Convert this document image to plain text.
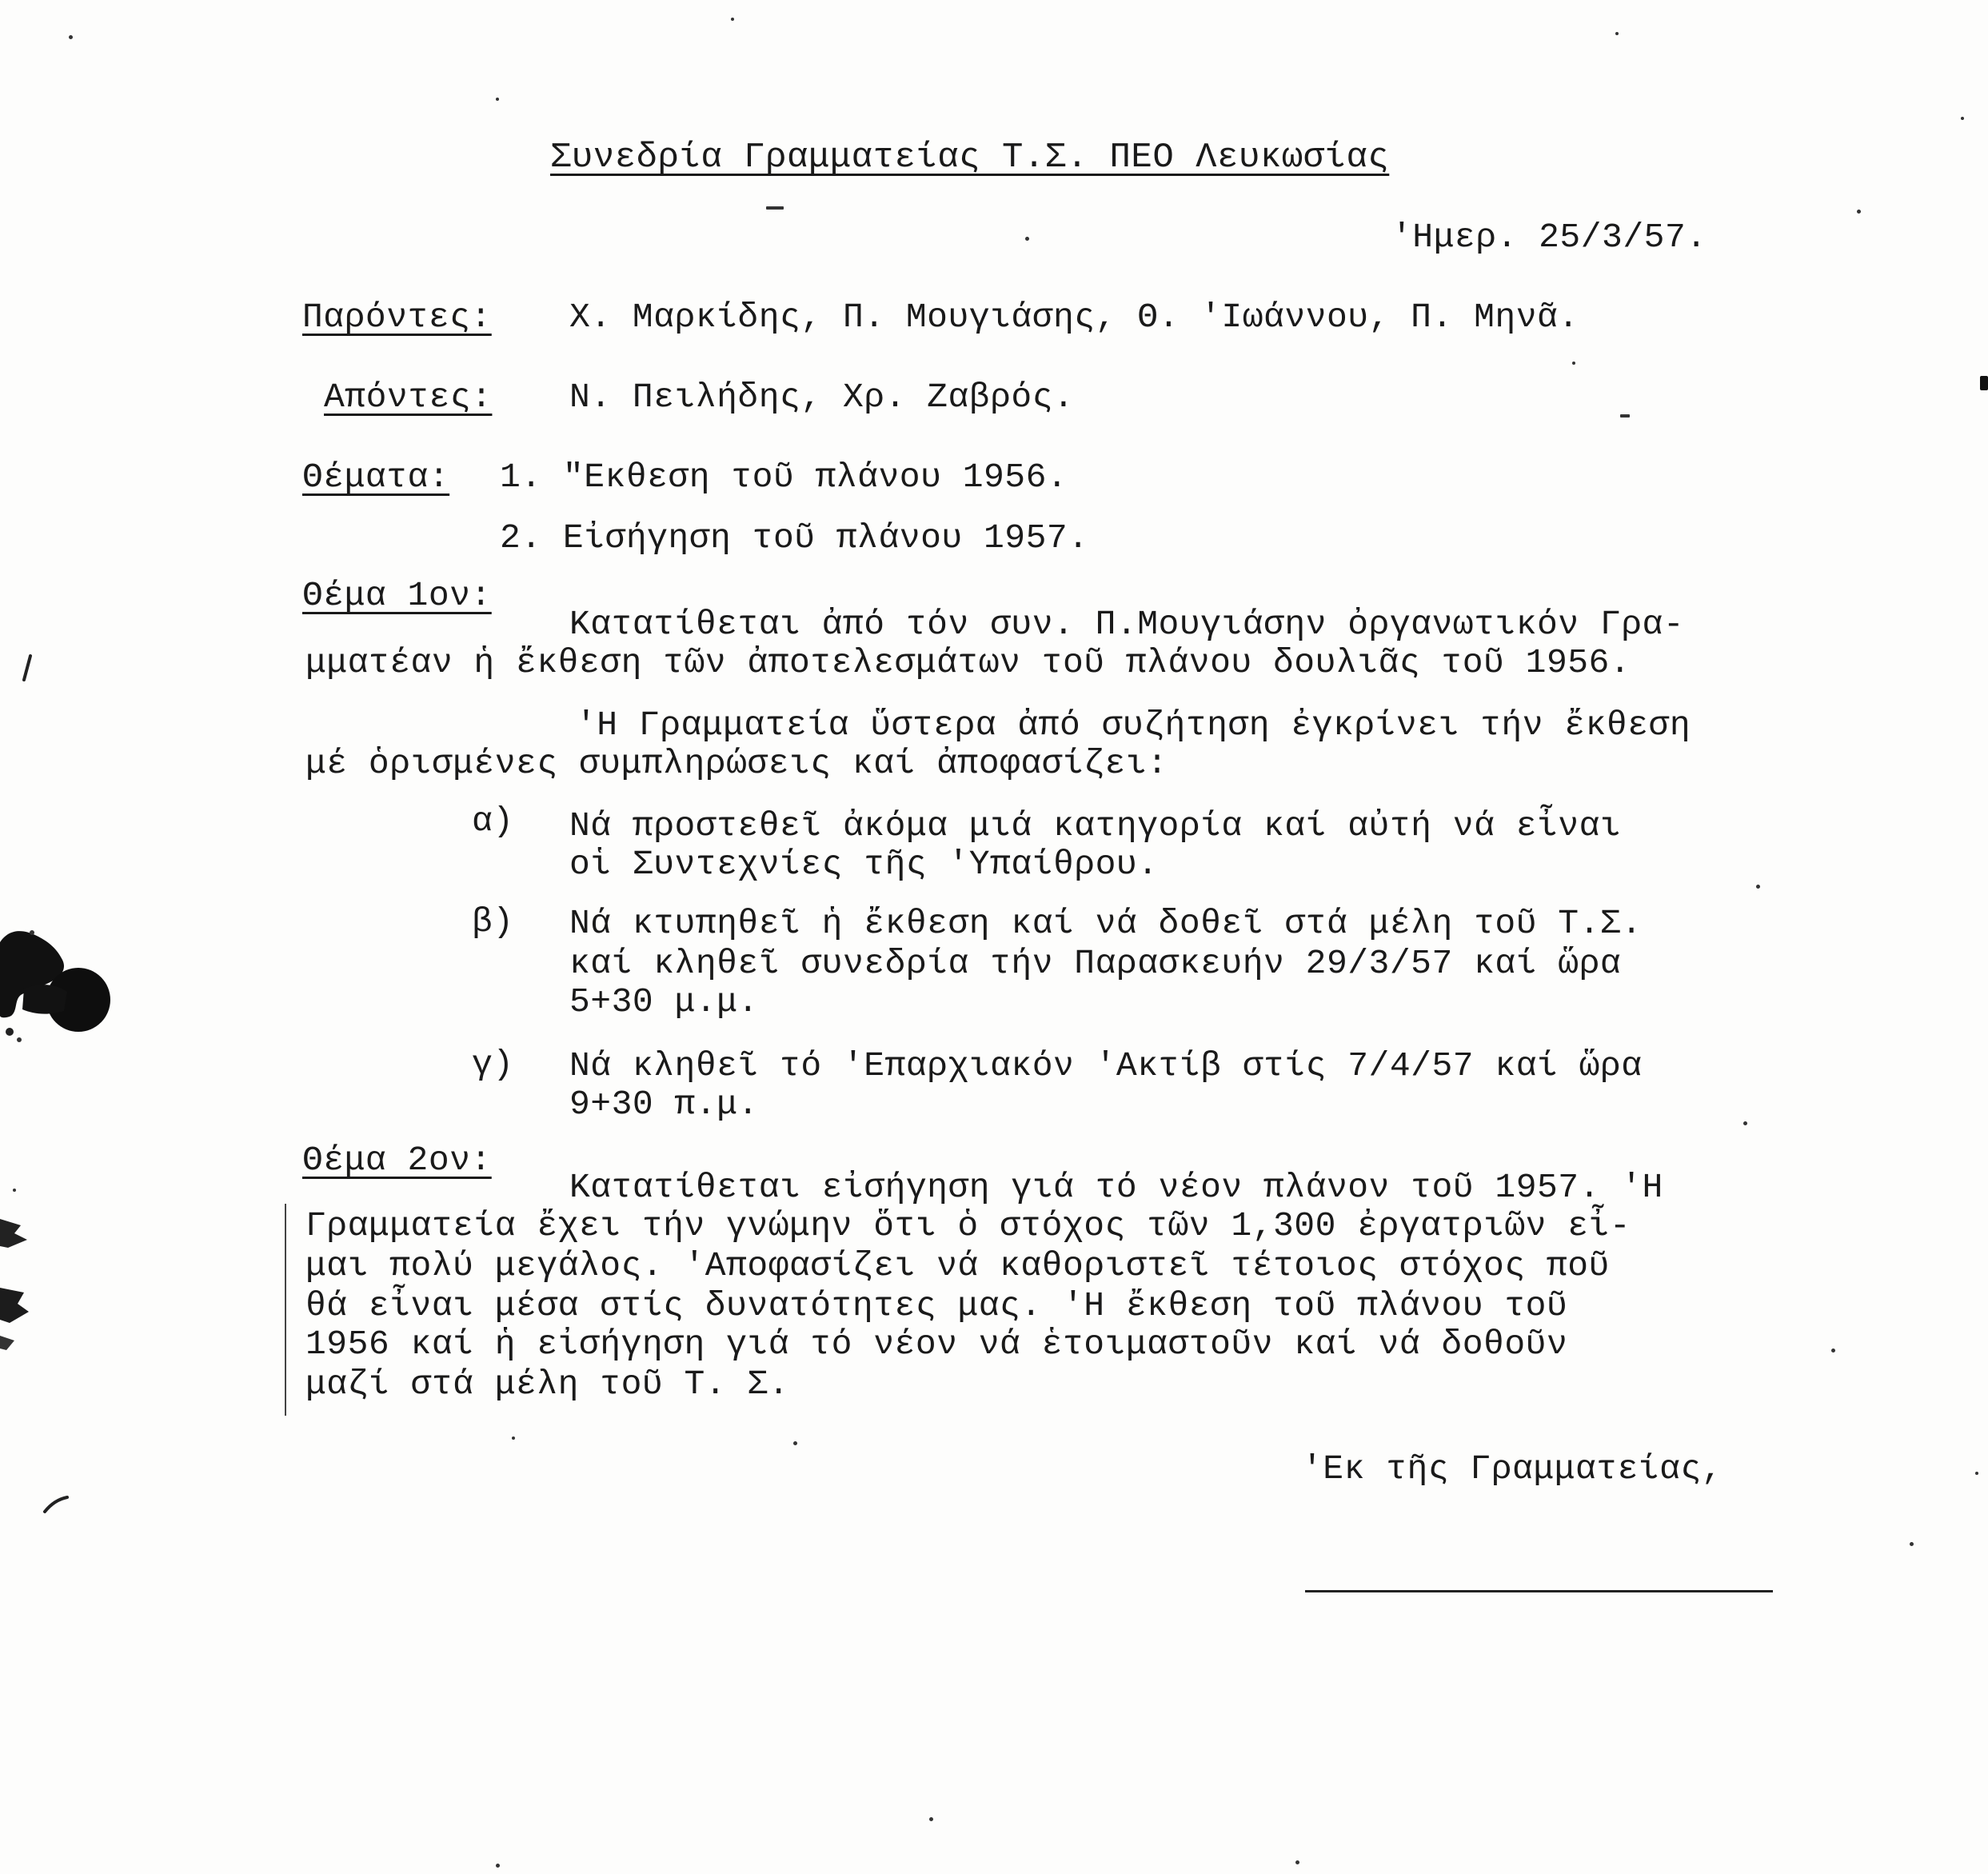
Συνεδρία Γραμματείας Τ.Σ. ΠΕΟ Λευκωσίας
'Ημερ. 25/3/57.
Παρόντες: Χ. Μαρκίδης, Π. Μουγιάσης, Θ. 'Ιωάννου, Π. Μηνᾶ.
Απόντες: Ν. Πειλήδης, Χρ. Ζαβρός.
Θέματα: 1. "Εκθεση τοῦ πλάνου 1956.
2. Εἰσήγηση τοῦ πλάνου 1957.
Θέμα 1ον:
Κατατίθεται ἀπό τόν συν. Π.Μουγιάσην ὀργανωτικόν Γρα-
μματέαν ἡ ἔκθεση τῶν ἀποτελεσμάτων τοῦ πλάνου δουλιᾶς τοῦ 1956.
'Η Γραμματεία ὕστερα ἀπό συζήτηση ἐγκρίνει τήν ἔκθεση
μέ ὁρισμένες συμπληρώσεις καί ἀποφασίζει:
α) Νά προστεθεῖ ἀκόμα μιά κατηγορία καί αὐτή νά εἶναι
οἱ Συντεχνίες τῆς 'Υπαίθρου.
β) Νά κτυπηθεῖ ἡ ἔκθεση καί νά δοθεῖ στά μέλη τοῦ Τ.Σ.
καί κληθεῖ συνεδρία τήν Παρασκευήν 29/3/57 καί ὥρα
5+30 μ.μ.
γ) Νά κληθεῖ τό 'Επαρχιακόν 'Ακτίβ στίς 7/4/57 καί ὥρα
9+30 π.μ.
Θέμα 2ον:
Κατατίθεται εἰσήγηση γιά τό νέον πλάνον τοῦ 1957. 'Η
Γραμματεία ἔχει τήν γνώμην ὅτι ὁ στόχος τῶν 1,300 ἐργατριῶν εἶ-
μαι πολύ μεγάλος. 'Αποφασίζει νά καθοριστεῖ τέτοιος στόχος ποῦ
θά εἶναι μέσα στίς δυνατότητες μας. 'Η ἔκθεση τοῦ πλάνου τοῦ
1956 καί ἡ εἰσήγηση γιά τό νέον νά ἑτοιμαστοῦν καί νά δοθοῦν
μαζί στά μέλη τοῦ Τ. Σ.
'Εκ τῆς Γραμματείας,
